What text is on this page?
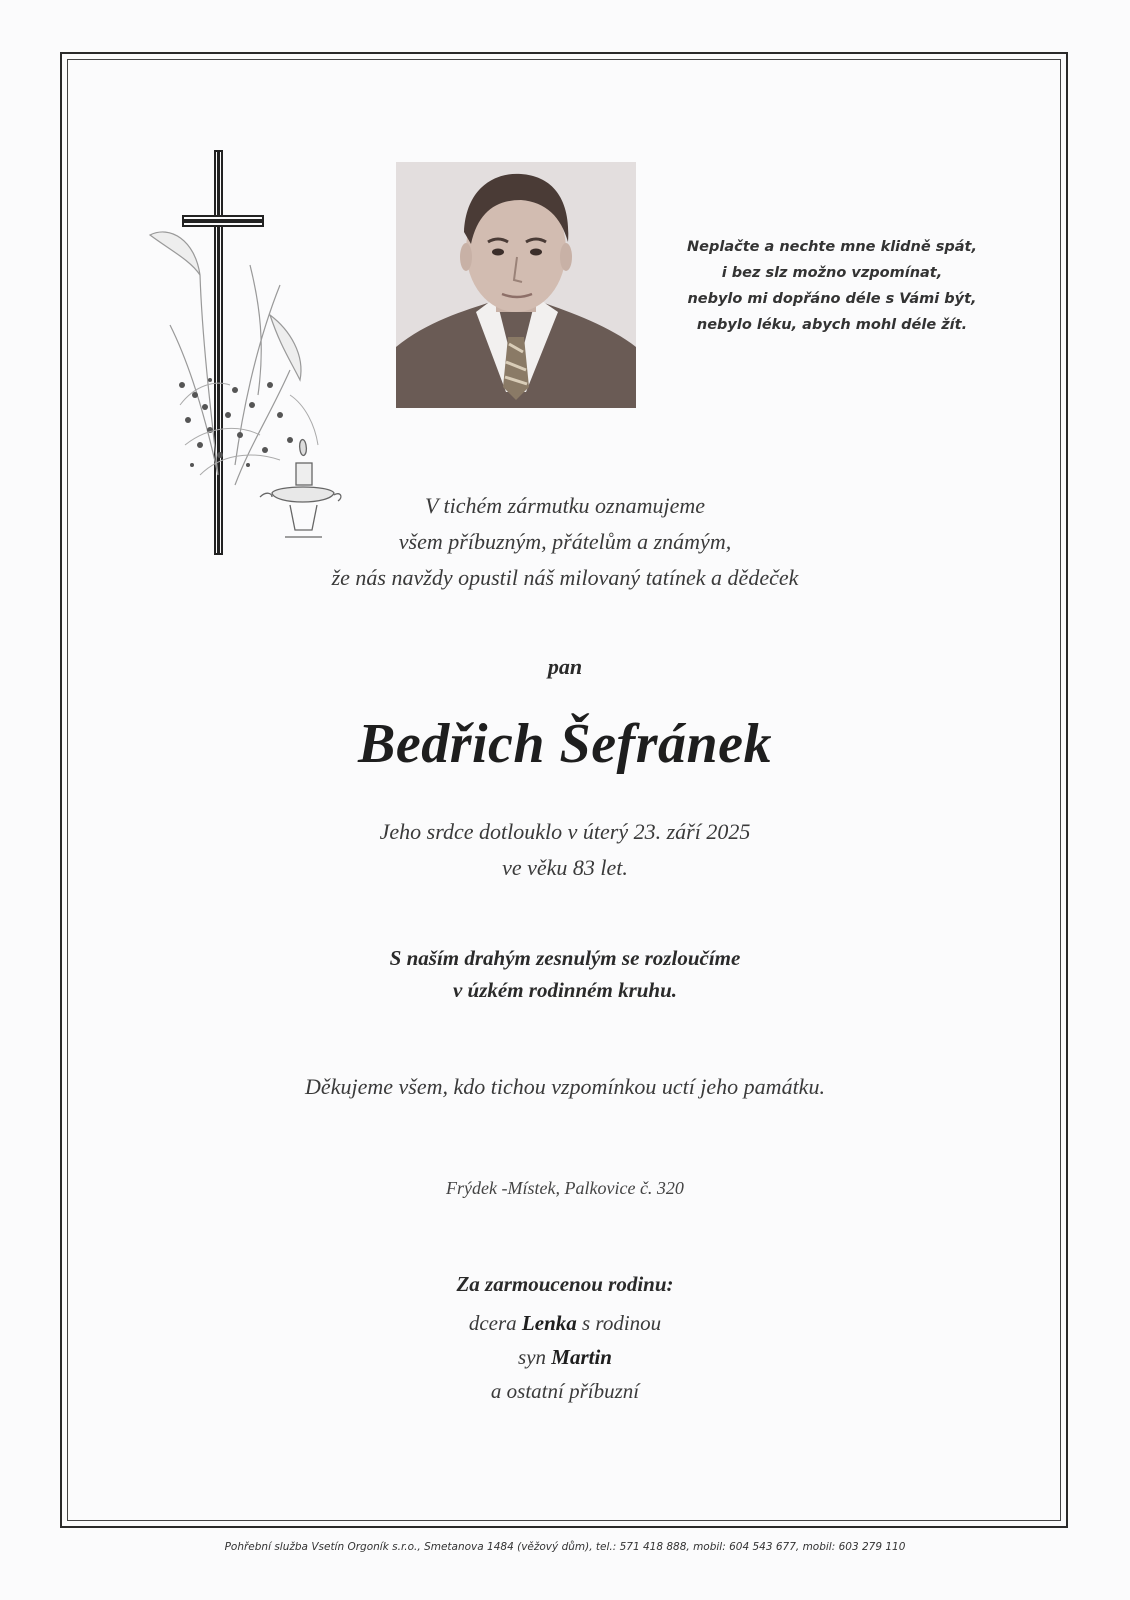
Neplačte a nechte mne klidně spát,
i bez slz možno vzpomínat,
nebylo mi dopřáno déle s Vámi být,
nebylo léku, abych mohl déle žít.
V tichém zármutku oznamujeme
všem příbuzným, přátelům a známým,
že nás navždy opustil náš milovaný tatínek a dědeček
pan
Bedřich Šefránek
Jeho srdce dotlouklo v úterý 23. září 2025
ve věku 83 let.
S naším drahým zesnulým se rozloučíme
v úzkém rodinném kruhu.
Děkujeme všem, kdo tichou vzpomínkou uctí jeho památku.
Frýdek -Místek, Palkovice č. 320
Za zarmoucenou rodinu:
dcera Lenka s rodinou
syn Martin
a ostatní příbuzní
Pohřební služba Vsetín Orgoník s.r.o., Smetanova 1484 (věžový dům), tel.: 571 418 888, mobil: 604 543 677, mobil: 603 279 110
